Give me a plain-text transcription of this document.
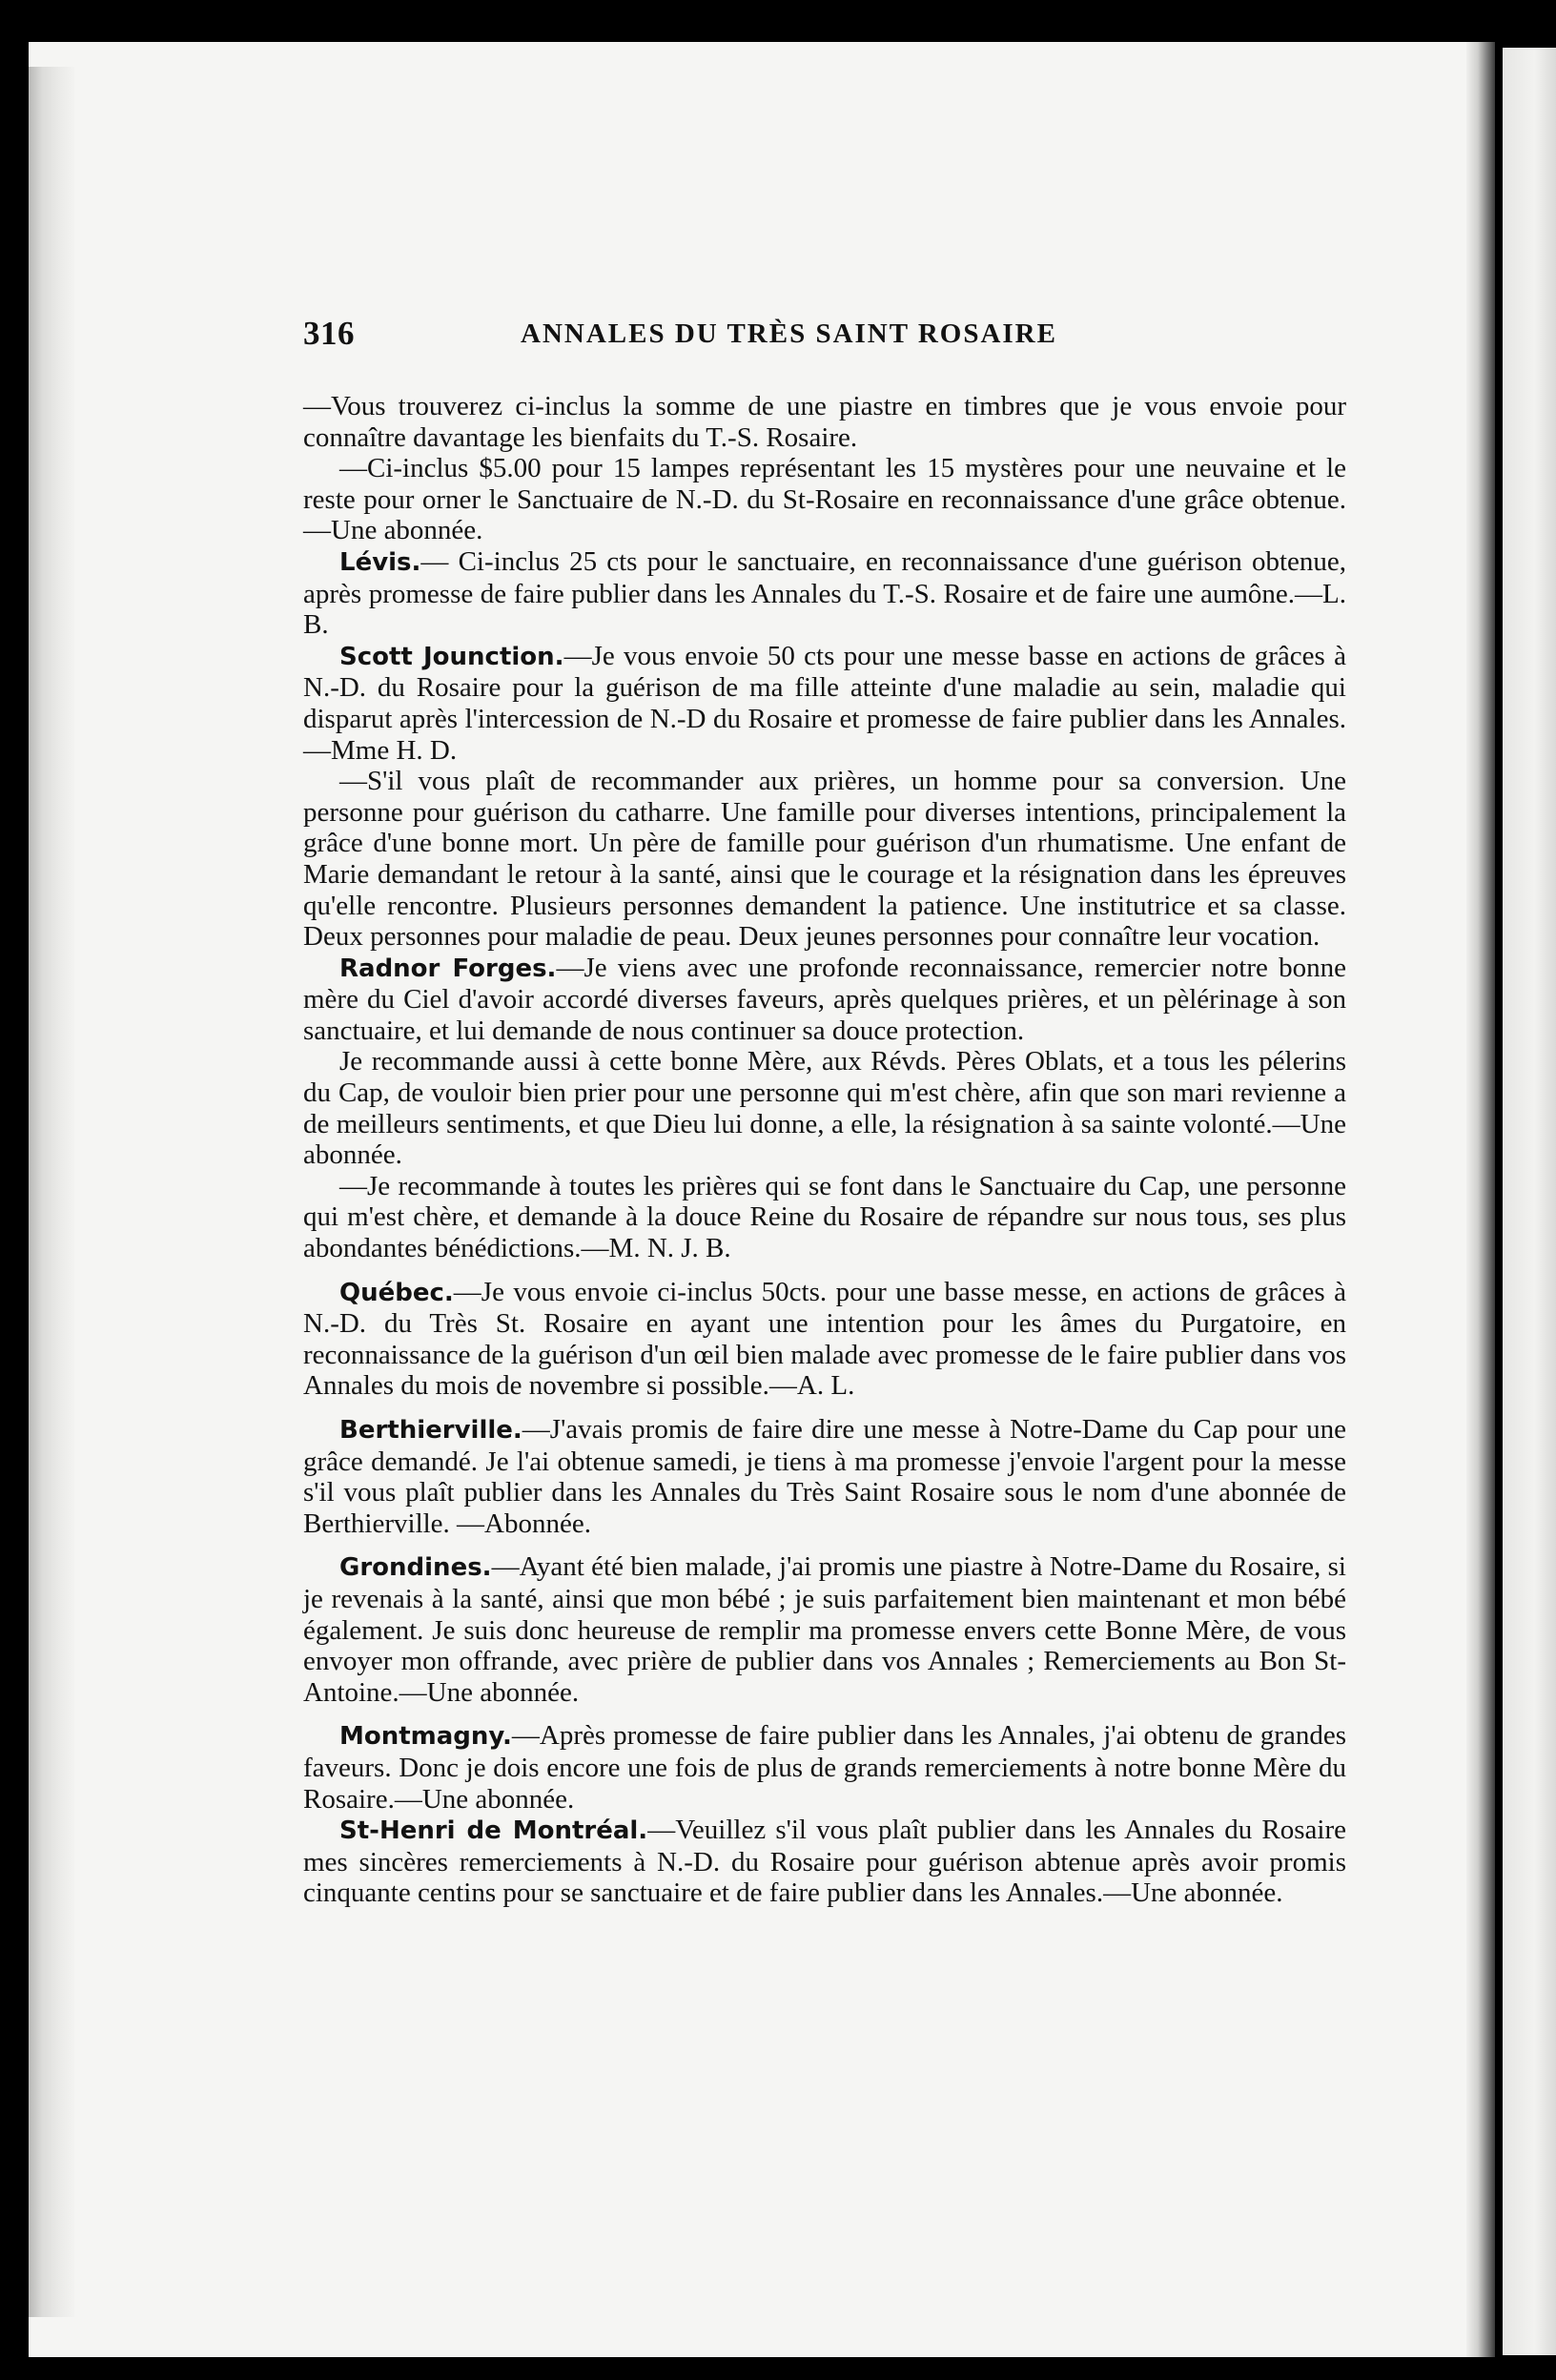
316	ANNALES DU TRÈS SAINT ROSAIRE

—Vous trouverez ci-inclus la somme de une piastre en timbres que je vous envoie pour connaître davantage les bienfaits du T.-S. Rosaire.

—Ci-inclus $5.00 pour 15 lampes représentant les 15 mystères pour une neuvaine et le reste pour orner le Sanctuaire de N.-D. du St-Rosaire en reconnaissance d'une grâce obtenue.—Une abonnée.

Lévis.— Ci-inclus 25 cts pour le sanctuaire, en reconnaissance d'une guérison obtenue, après promesse de faire publier dans les Annales du T.-S. Rosaire et de faire une aumône.—L. B.

Scott Jounction.—Je vous envoie 50 cts pour une messe basse en actions de grâces à N.-D. du Rosaire pour la guérison de ma fille atteinte d'une maladie au sein, maladie qui disparut après l'intercession de N.-D du Rosaire et promesse de faire publier dans les Annales.—Mme H. D.

—S'il vous plaît de recommander aux prières, un homme pour sa conversion. Une personne pour guérison du catharre. Une famille pour diverses intentions, principalement la grâce d'une bonne mort. Un père de famille pour guérison d'un rhumatisme. Une enfant de Marie demandant le retour à la santé, ainsi que le courage et la résignation dans les épreuves qu'elle rencontre. Plusieurs personnes demandent la patience. Une institutrice et sa classe. Deux personnes pour maladie de peau. Deux jeunes personnes pour connaître leur vocation.

Radnor Forges.—Je viens avec une profonde reconnaissance, remercier notre bonne mère du Ciel d'avoir accordé diverses faveurs, après quelques prières, et un pèlérinage à son sanctuaire, et lui demande de nous continuer sa douce protection.

Je recommande aussi à cette bonne Mère, aux Révds. Pères Oblats, et a tous les pélerins du Cap, de vouloir bien prier pour une personne qui m'est chère, afin que son mari revienne a de meilleurs sentiments, et que Dieu lui donne, a elle, la résignation à sa sainte volonté.—Une abonnée.

—Je recommande à toutes les prières qui se font dans le Sanctuaire du Cap, une personne qui m'est chère, et demande à la douce Reine du Rosaire de répandre sur nous tous, ses plus abondantes bénédictions.—M. N. J. B.

Québec.—Je vous envoie ci-inclus 50cts. pour une basse messe, en actions de grâces à N.-D. du Très St. Rosaire en ayant une intention pour les âmes du Purgatoire, en reconnaissance de la guérison d'un œil bien malade avec promesse de le faire publier dans vos Annales du mois de novembre si possible.—A. L.

Berthierville.—J'avais promis de faire dire une messe à Notre-Dame du Cap pour une grâce demandé. Je l'ai obtenue samedi, je tiens à ma promesse j'envoie l'argent pour la messe s'il vous plaît publier dans les Annales du Très Saint Rosaire sous le nom d'une abonnée de Berthierville. —Abonnée.

Grondines.—Ayant été bien malade, j'ai promis une piastre à Notre-Dame du Rosaire, si je revenais à la santé, ainsi que mon bébé ; je suis parfaitement bien maintenant et mon bébé également. Je suis donc heureuse de remplir ma promesse envers cette Bonne Mère, de vous envoyer mon offrande, avec prière de publier dans vos Annales ; Remerciements au Bon St-Antoine.—Une abonnée.

Montmagny.—Après promesse de faire publier dans les Annales, j'ai obtenu de grandes faveurs. Donc je dois encore une fois de plus de grands remerciements à notre bonne Mère du Rosaire.—Une abonnée.

St-Henri de Montréal.—Veuillez s'il vous plaît publier dans les Annales du Rosaire mes sincères remerciements à N.-D. du Rosaire pour guérison abtenue après avoir promis cinquante centins pour se sanctuaire et de faire publier dans les Annales.—Une abonnée.
